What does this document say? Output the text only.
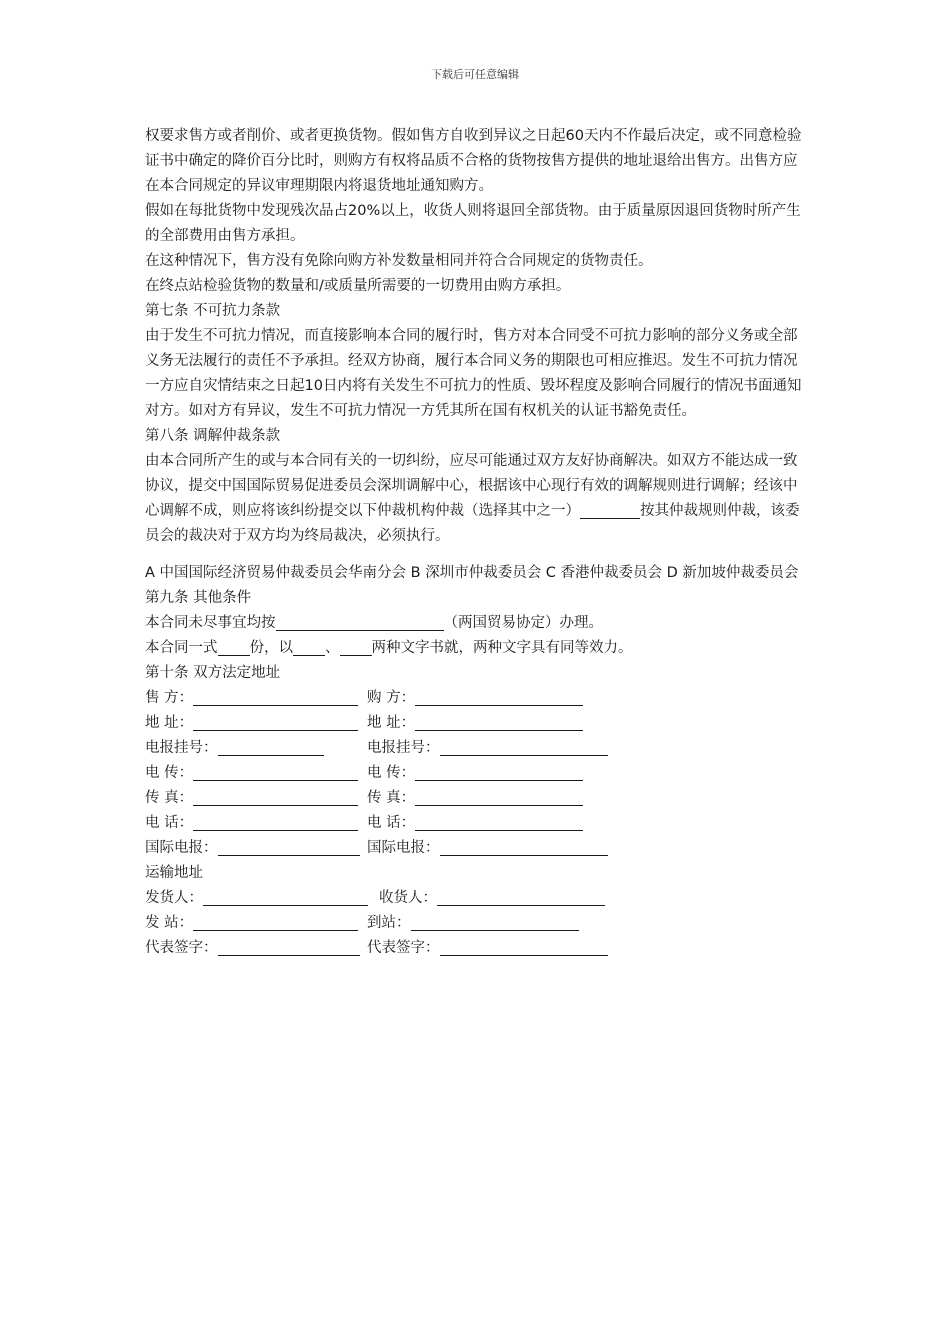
下载后可任意编辑

权要求售方或者削价、或者更换货物。假如售方自收到异议之日起60天内不作最后决定，或不同意检验证书中确定的降价百分比时，则购方有权将品质不合格的货物按售方提供的地址退给出售方。出售方应在本合同规定的异议审理期限内将退货地址通知购方。

假如在每批货物中发现残次品占20%以上，收货人则将退回全部货物。由于质量原因退回货物时所产生的全部费用由售方承担。

在这种情况下，售方没有免除向购方补发数量相同并符合合同规定的货物责任。

在终点站检验货物的数量和/或质量所需要的一切费用由购方承担。

第七条 不可抗力条款

由于发生不可抗力情况，而直接影响本合同的履行时，售方对本合同受不可抗力影响的部分义务或全部义务无法履行的责任不予承担。经双方协商，履行本合同义务的期限也可相应推迟。发生不可抗力情况一方应自灾情结束之日起10日内将有关发生不可抗力的性质、毁坏程度及影响合同履行的情况书面通知对方。如对方有异议，发生不可抗力情况一方凭其所在国有权机关的认证书豁免责任。

第八条 调解仲裁条款

由本合同所产生的或与本合同有关的一切纠纷，应尽可能通过双方友好协商解决。如双方不能达成一致协议，提交中国国际贸易促进委员会深圳调解中心，根据该中心现行有效的调解规则进行调解；经该中心调解不成，则应将该纠纷提交以下仲裁机构仲裁（选择其中之一）	按其仲裁规则仲裁，该委员会的裁决对于双方均为终局裁决，必须执行。

A 中国国际经济贸易仲裁委员会华南分会 B 深圳市仲裁委员会 C 香港仲裁委员会 D 新加坡仲裁委员会

第九条 其他条件

本合同未尽事宜均按	（两国贸易协定）办理。

本合同一式 份，以 、 两种文字书就，两种文字具有同等效力。

第十条 双方法定地址

售 方：	购 方：

地 址：	地 址：

电报挂号：	电报挂号：

电 传：	电 传：

传 真：	传 真：

电 话：	电 话：

国际电报：	国际电报：

运输地址

发货人：	收货人：

发 站：	到站：

代表签字：	代表签字：
